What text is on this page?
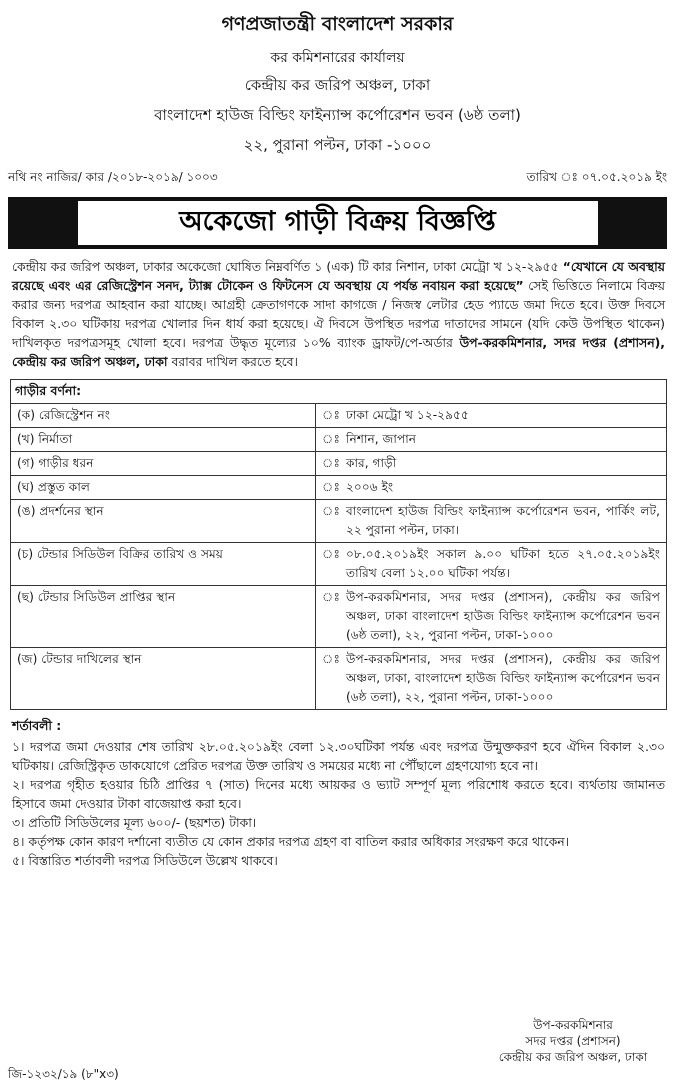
গণপ্রজাতন্ত্রী বাংলাদেশ সরকার
কর কমিশনারের কার্যালয়
কেন্দ্রীয় কর জরিপ অঞ্চল, ঢাকা
বাংলাদেশ হাউজ বিল্ডিং ফাইন্যান্স কর্পোরেশন ভবন (৬ষ্ঠ তলা)
২২, পুরানা পল্টন, ঢাকা -১০০০
নথি নং নাজির/ কার /২০১৮-২০১৯/ ১০০৩	তারিখ ঃ ০৭.০৫.২০১৯ ইং
অকেজো গাড়ী বিক্রয় বিজ্ঞপ্তি

কেন্দ্রীয় কর জরিপ অঞ্চল, ঢাকার অকেজো ঘোষিত নিম্নবর্ণিত ১ (এক) টি কার নিশান, ঢাকা মেট্রো খ ১২-২৯৫৫ “যেখানে যে অবস্থায় রয়েছে এবং এর রেজিস্ট্রেশন সনদ, ট্যাক্স টোকেন ও ফিটনেস যে অবস্থায় যে পর্যন্ত নবায়ন করা হয়েছে” সেই ভিত্তিতে নিলামে বিক্রয় করার জন্য দরপত্র আহবান করা যাচ্ছে। আগ্রহী ক্রেতাগণকে সাদা কাগজে / নিজস্ব লেটার হেড প্যাডে জমা দিতে হবে। উক্ত দিবসে বিকাল ২.৩০ ঘটিকায় দরপত্র খোলার দিন ধার্য করা হয়েছে। ঐ দিবসে উপস্থিত দরপত্র দাতাদের সামনে (যদি কেউ উপস্থিত থাকেন) দাখিলকৃত দরপত্রসমূহ খোলা হবে। দরপত্র উদ্ধৃত মূল্যের ১০% ব্যাংক ড্রাফট/পে-অর্ডার উপ-করকমিশনার, সদর দপ্তর (প্রশাসন), কেন্দ্রীয় কর জরিপ অঞ্চল, ঢাকা বরাবর দাখিল করতে হবে।

গাড়ীর বর্ণনা:
(ক) রেজিস্ট্রেশন নং	ঃ ঢাকা মেট্রো খ ১২-২৯৫৫
(খ) নির্মাতা	ঃ নিশান, জাপান
(গ) গাড়ীর ধরন	ঃ কার, গাড়ী
(ঘ) প্রস্তুত কাল	ঃ ২০০৬ ইং
(ঙ) প্রদর্শনের স্থান	ঃ বাংলাদেশ হাউজ বিল্ডিং ফাইন্যান্স কর্পোরেশন ভবন, পার্কিং লট, ২২ পুরানা পল্টন, ঢাকা।
(চ) টেন্ডার সিডিউল বিক্রির তারিখ ও সময়	ঃ ০৮.০৫.২০১৯ইং সকাল ৯.০০ ঘটিকা হতে ২৭.০৫.২০১৯ইং তারিখ বেলা ১২.০০ ঘটিকা পর্যন্ত।
(ছ) টেন্ডার সিডিউল প্রাপ্তির স্থান	ঃ উপ-করকমিশনার, সদর দপ্তর (প্রশাসন), কেন্দ্রীয় কর জরিপ অঞ্চল, ঢাকা বাংলাদেশ হাউজ বিল্ডিং ফাইন্যান্স কর্পোরেশন ভবন (৬ষ্ঠ তলা), ২২, পুরানা পল্টন, ঢাকা-১০০০
(জ) টেন্ডার দাখিলের স্থান	ঃ উপ-করকমিশনার, সদর দপ্তর (প্রশাসন), কেন্দ্রীয় কর জরিপ অঞ্চল, ঢাকা, বাংলাদেশ হাউজ বিল্ডিং ফাইন্যান্স কর্পোরেশন ভবন (৬ষ্ঠ তলা), ২২, পুরানা পল্টন, ঢাকা-১০০০
শর্তাবলী :

১। দরপত্র জমা দেওয়ার শেষ তারিখ ২৮.০৫.২০১৯ইং বেলা ১২.৩০ঘটিকা পর্যন্ত এবং দরপত্র উন্মুক্তকরণ হবে ঐদিন বিকাল ২.৩০ ঘটিকায়। রেজিস্ট্রিকৃত ডাকযোগে প্রেরিত দরপত্র উক্ত তারিখ ও সময়ের মধ্যে না পৌঁছালে গ্রহণযোগ্য হবে না।

২। দরপত্র গৃহীত হওয়ার চিঠি প্রাপ্তির ৭ (সাত) দিনের মধ্যে আয়কর ও ভ্যাট সম্পূর্ণ মূল্য পরিশোধ করতে হবে। ব্যর্থতায় জামানত হিসাবে জমা দেওয়ার টাকা বাজেয়াপ্ত করা হবে।

৩। প্রতিটি সিডিউলের মূল্য ৬০০/- (ছয়শত) টাকা।

৪। কর্তৃপক্ষ কোন কারণ দর্শানো ব্যতীত যে কোন প্রকার দরপত্র গ্রহণ বা বাতিল করার অধিকার সংরক্ষণ করে থাকেন।

৫। বিস্তারিত শর্তাবলী দরপত্র সিডিউলে উল্লেখ থাকবে।

উপ-করকমিশনার
সদর দপ্তর (প্রশাসন)
কেন্দ্রীয় কর জরিপ অঞ্চল, ঢাকা
জি-১২৩২/১৯ (৮"x৩)
